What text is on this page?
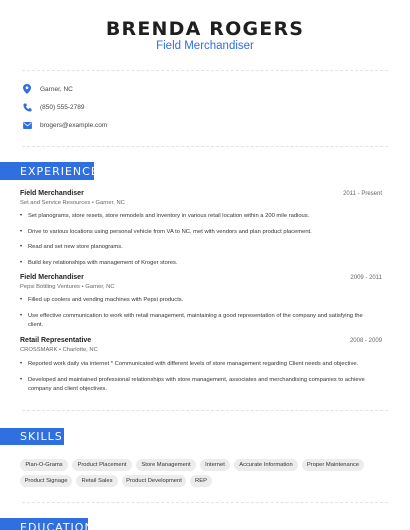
BRENDA ROGERS
Field Merchandiser
Garner, NC
(850) 555-2789
brogers@example.com
EXPERIENCE
Field Merchandiser	2011 - Present
Set and Service Resources • Garner, NC
• Set planograms, store resets, store remodels and inventory in various retail location within a 200 mile radious.
• Drive to various locations using personal vehicle from VA to NC, met with vendors and plan product placement.
• Read and set new store planograms.
• Build key relationships with management of Kroger stores.
Field Merchandiser	2009 - 2011
Pepsi Bottling Ventures • Garner, NC
• Filled up coolers and vending machines with Pepsi products.
• Use effective communication to work with retail management, maintaining a good representation of the company and satisfying the client.
Retail Representative	2008 - 2009
CROSSMARK • Charlotte, NC
• Reported work daily via internet * Communicated with different levels of store management regarding Client needs and objective.
• Developed and maintained professional relationships with store management, associates and merchandising companies to achieve company and client objectives.
SKILLS
Plan-O-Grams	Product Placement	Store Management	Internet	Accurate Information	Proper Maintenance
Product Signage	Retail Sales	Product Development	REP
EDUCATION
